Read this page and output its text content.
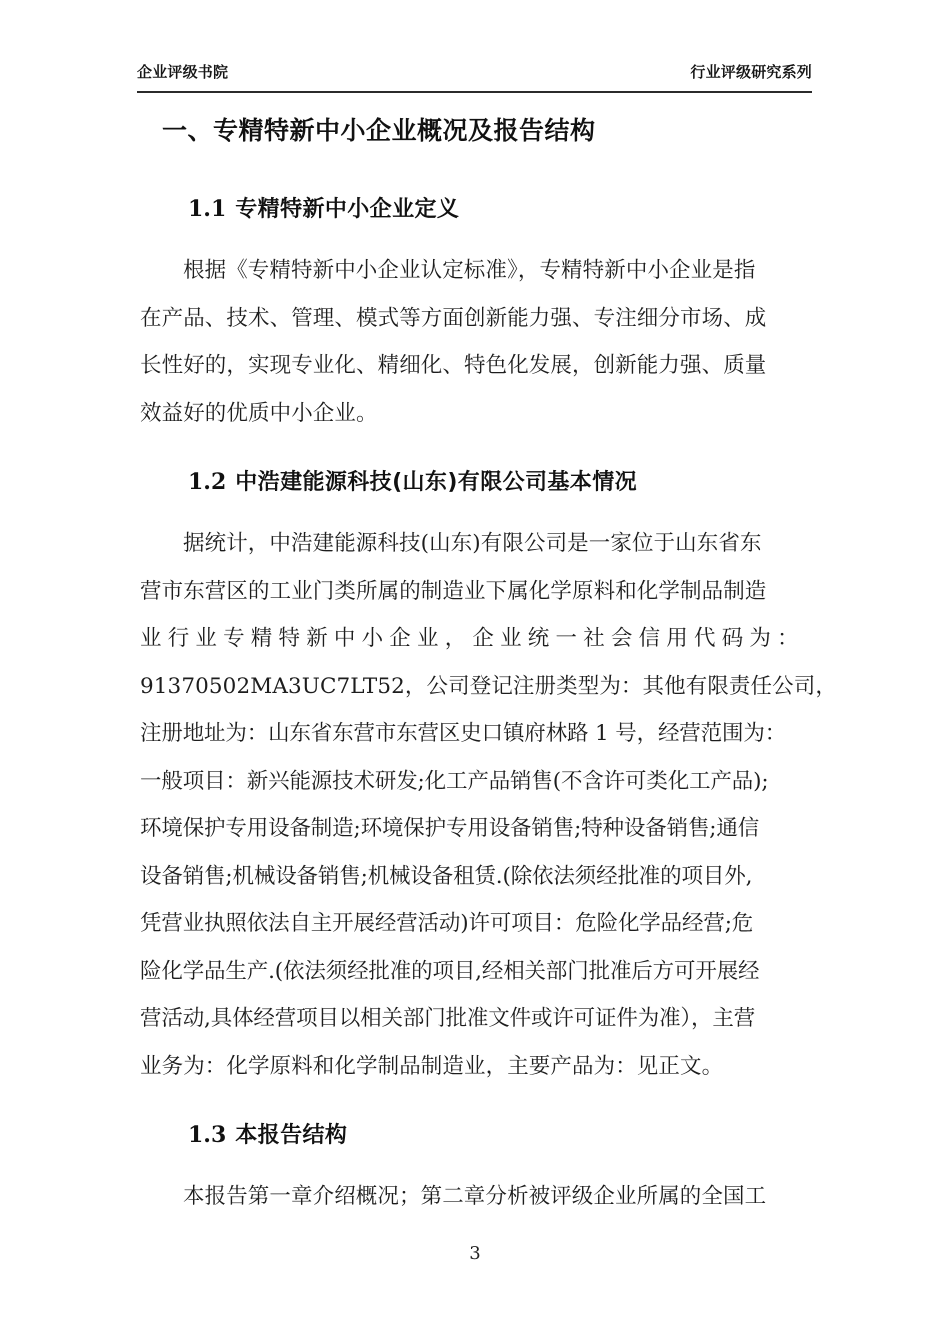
企业评级书院	行业评级研究系列
一、专精特新中小企业概况及报告结构
1.1 专精特新中小企业定义
根据《专精特新中小企业认定标准》，专精特新中小企业是指
在产品、技术、管理、模式等方面创新能力强、专注细分市场、成
长性好的，实现专业化、精细化、特色化发展，创新能力强、质量
效益好的优质中小企业。
1.2 中浩建能源科技(山东)有限公司基本情况
据统计，中浩建能源科技(山东)有限公司是一家位于山东省东
营市东营区的工业门类所属的制造业下属化学原料和化学制品制造
业行业专精特新中小企业，企业统一社会信用代码为：
91370502MA3UC7LT52，公司登记注册类型为：其他有限责任公司，
注册地址为：山东省东营市东营区史口镇府林路 1 号，经营范围为：
一般项目：新兴能源技术研发;化工产品销售(不含许可类化工产品);
环境保护专用设备制造;环境保护专用设备销售;特种设备销售;通信
设备销售;机械设备销售;机械设备租赁.(除依法须经批准的项目外,
凭营业执照依法自主开展经营活动)许可项目：危险化学品经营;危
险化学品生产.(依法须经批准的项目,经相关部门批准后方可开展经
营活动,具体经营项目以相关部门批准文件或许可证件为准），主营
业务为：化学原料和化学制品制造业，主要产品为：见正文。
1.3 本报告结构
本报告第一章介绍概况；第二章分析被评级企业所属的全国工
3
